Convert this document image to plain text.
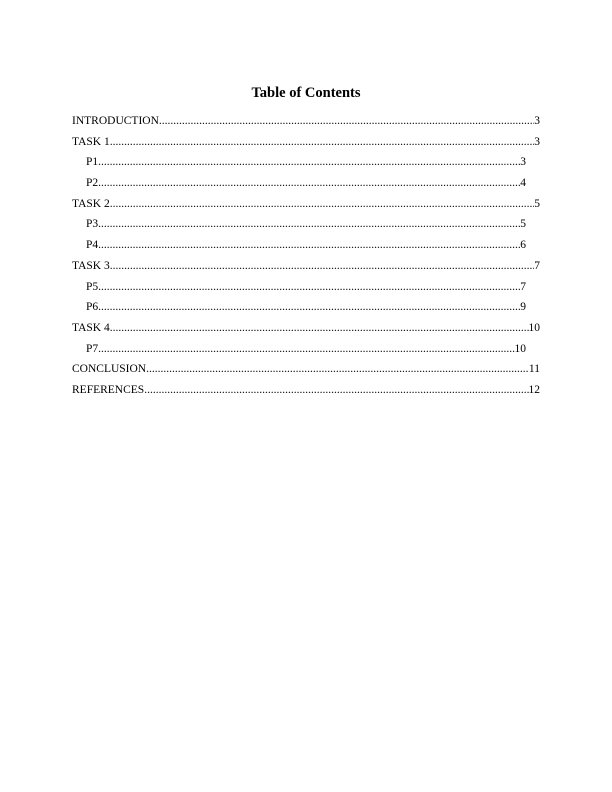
Table of Contents
INTRODUCTION .....	3
TASK 1 .....	3
P1 .....	3
P2 .....	4
TASK 2 .....	5
P3 .....	5
P4 .....	6
TASK 3 .....	7
P5 .....	7
P6 .....	9
TASK 4 .....	10
P7 .....	10
CONCLUSION .....	11
REFERENCES .....	12
